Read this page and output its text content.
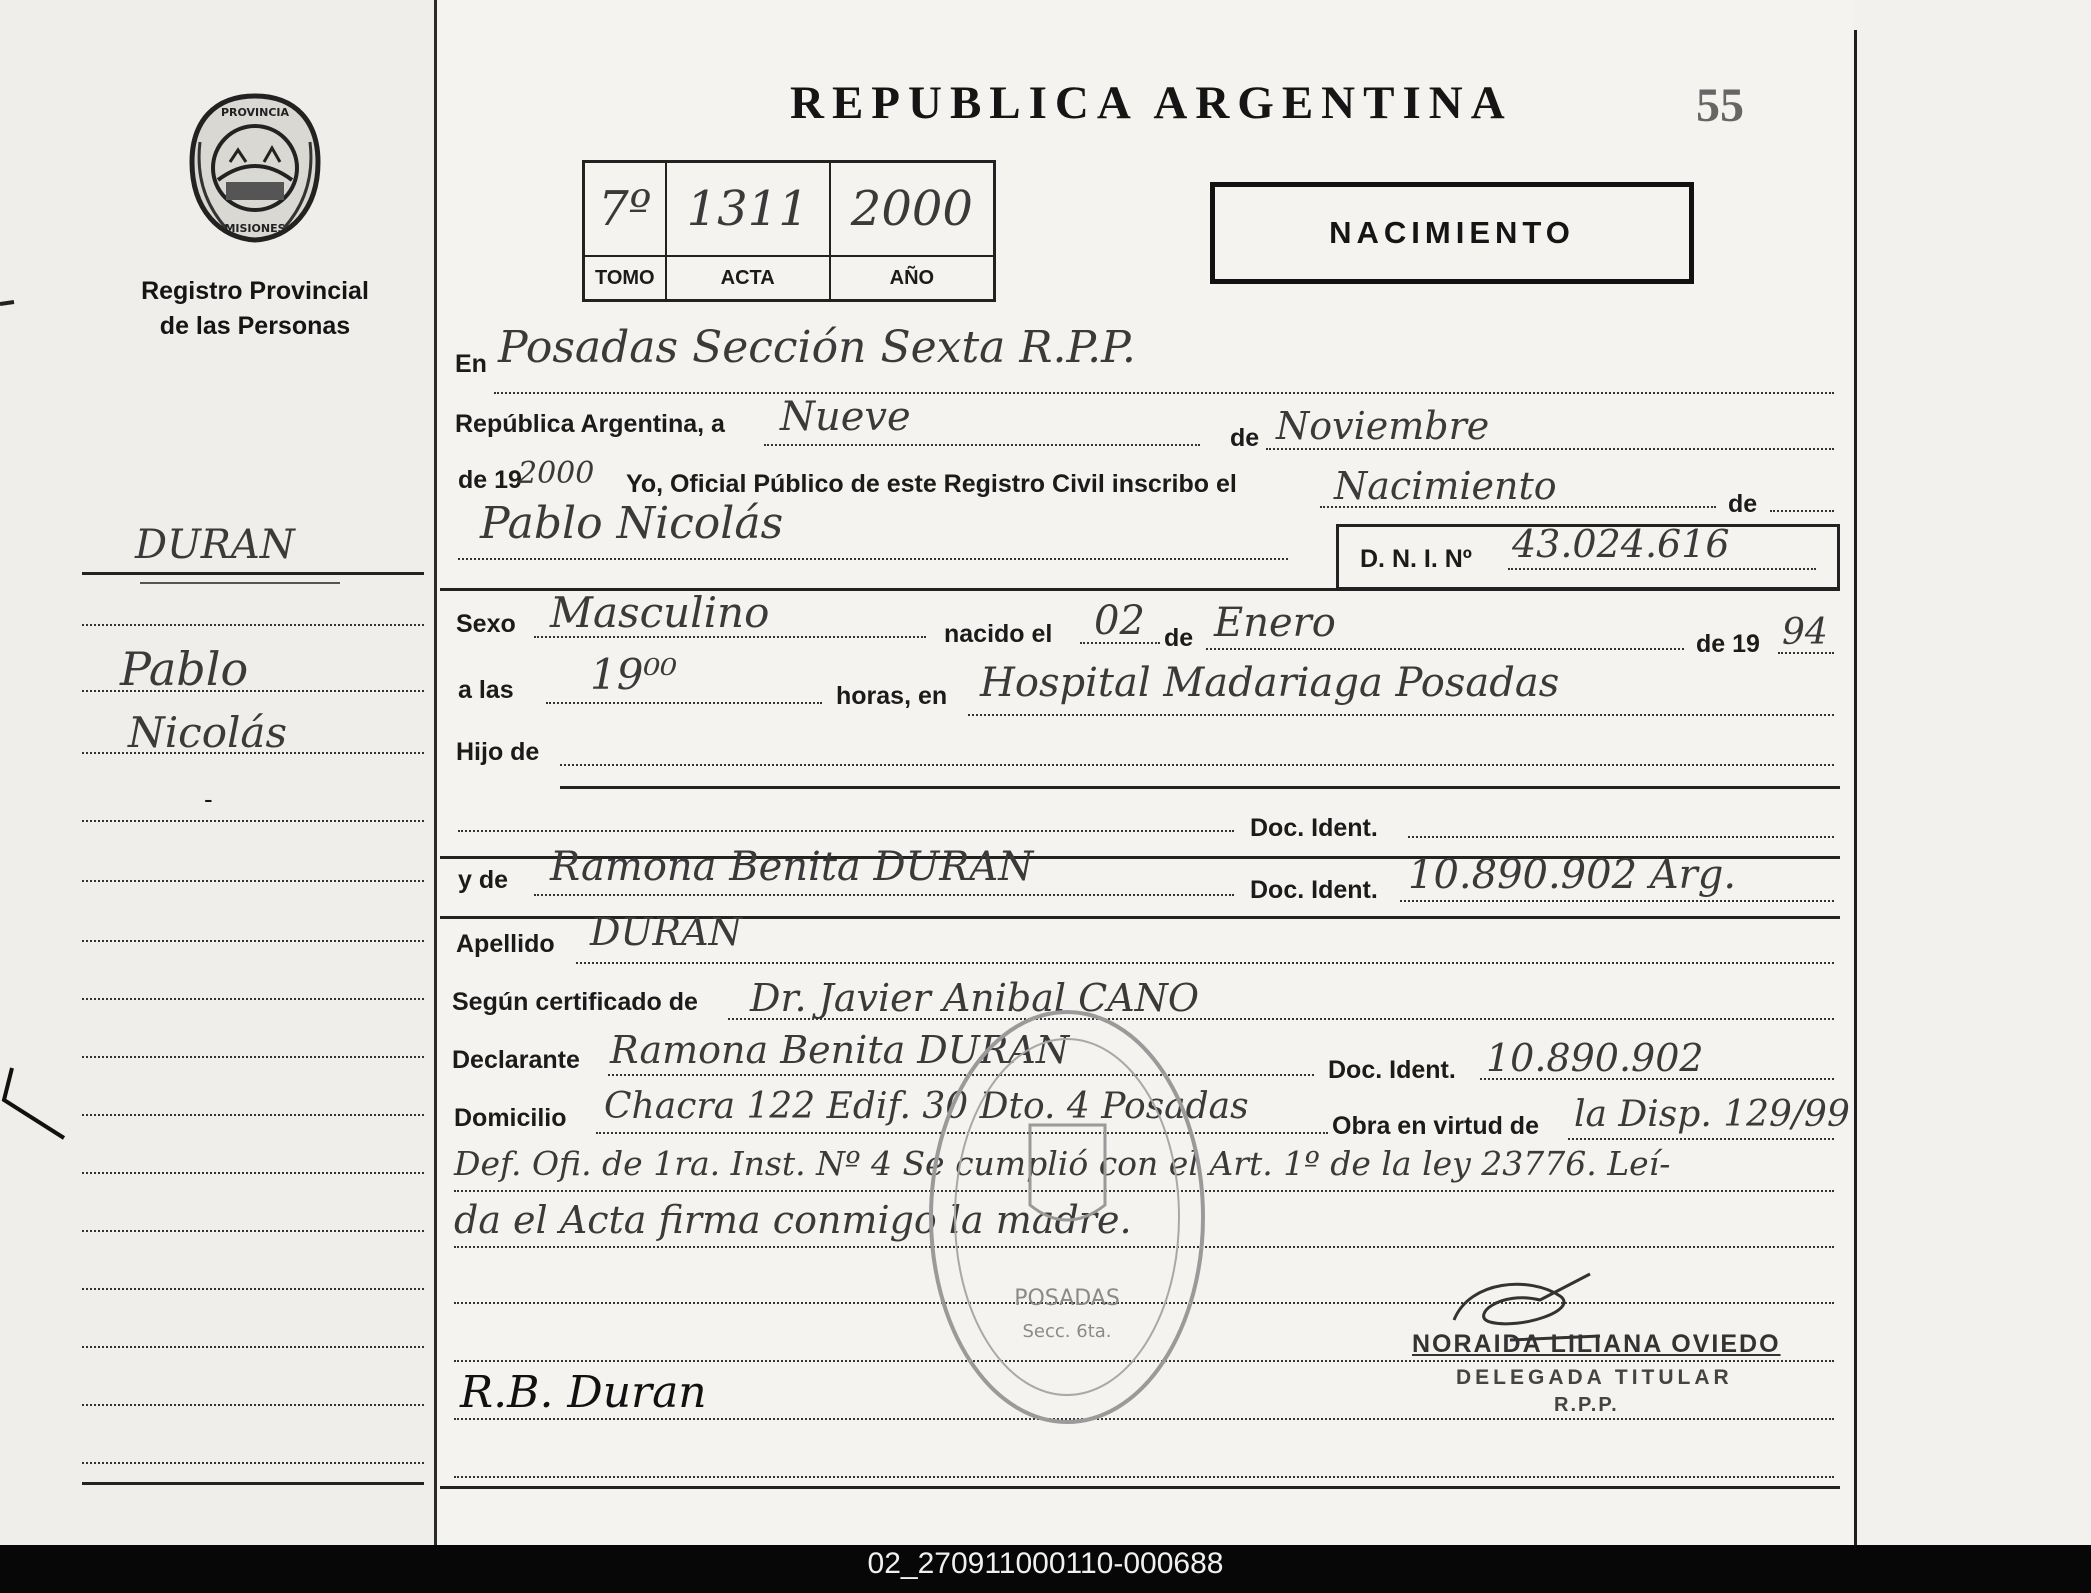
PROVINCIA
MISIONES
Registro Provincial
de las Personas
DURAN
Pablo
Nicolás
-
REPUBLICA ARGENTINA	55
7º	1311	2000
TOMO	ACTA	AÑO
NACIMIENTO
En Posadas Sección Sexta R.P.P.
República Argentina, a Nueve	de Noviembre
de 19
2000 Yo, Oficial Público de este Registro Civil inscribo el	Nacimiento	de
Pablo Nicolás
D. N. I. Nº 43.024.616
Sexo Masculino	nacido el 02 de Enero	de 19 94
a las 19⁰⁰	horas, en Hospital Madariaga Posadas
Hijo de
Doc. Ident.
y de Ramona Benita DURAN	Doc. Ident. 10.890.902 Arg.
Apellido DURAN
Según certificado de Dr. Javier Anibal CANO
Declarante Ramona Benita DURAN	Doc. Ident. 10.890.902
Domicilio Chacra 122 Edif. 30 Dto. 4 Posadas	Obra en virtud de la Disp. 129/99
Def. Ofi. de 1ra. Inst. Nº 4 Se cumplió con el Art. 1º de la ley 23776. Leí-
da el Acta firma conmigo la madre.
POSADAS
Secc. 6ta.
R.B. Duran
NORAIDA LILIANA OVIEDO
DELEGADA TITULAR
R.P.P.
02_270911000110-000688
